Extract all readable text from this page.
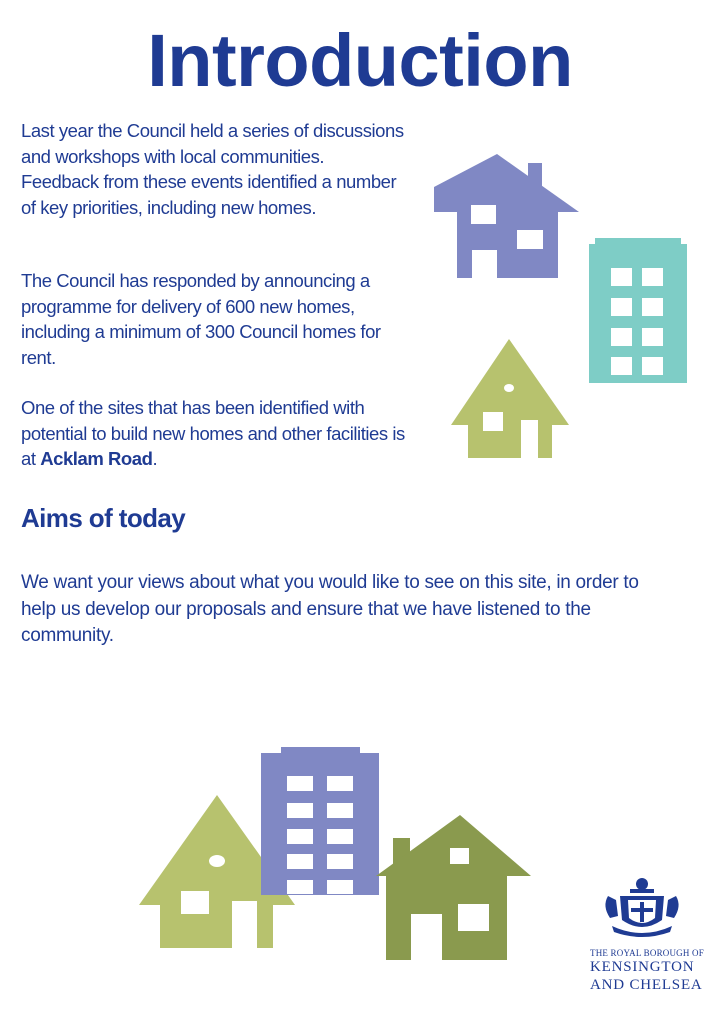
Introduction
Last year the Council held a series of discussions and workshops with local communities. Feedback from these events identified a number of key priorities, including new homes.
The Council has responded by announcing a programme for delivery of 600 new homes, including a minimum of 300 Council homes for rent.
One of the sites that has been identified with potential to build new homes and other facilities is at Acklam Road.
Aims of today
We want your views about what you would like to see on this site, in order to help us develop our proposals and ensure that we have listened to the community.
THE ROYAL BOROUGH OF
KENSINGTON
AND CHELSEA
